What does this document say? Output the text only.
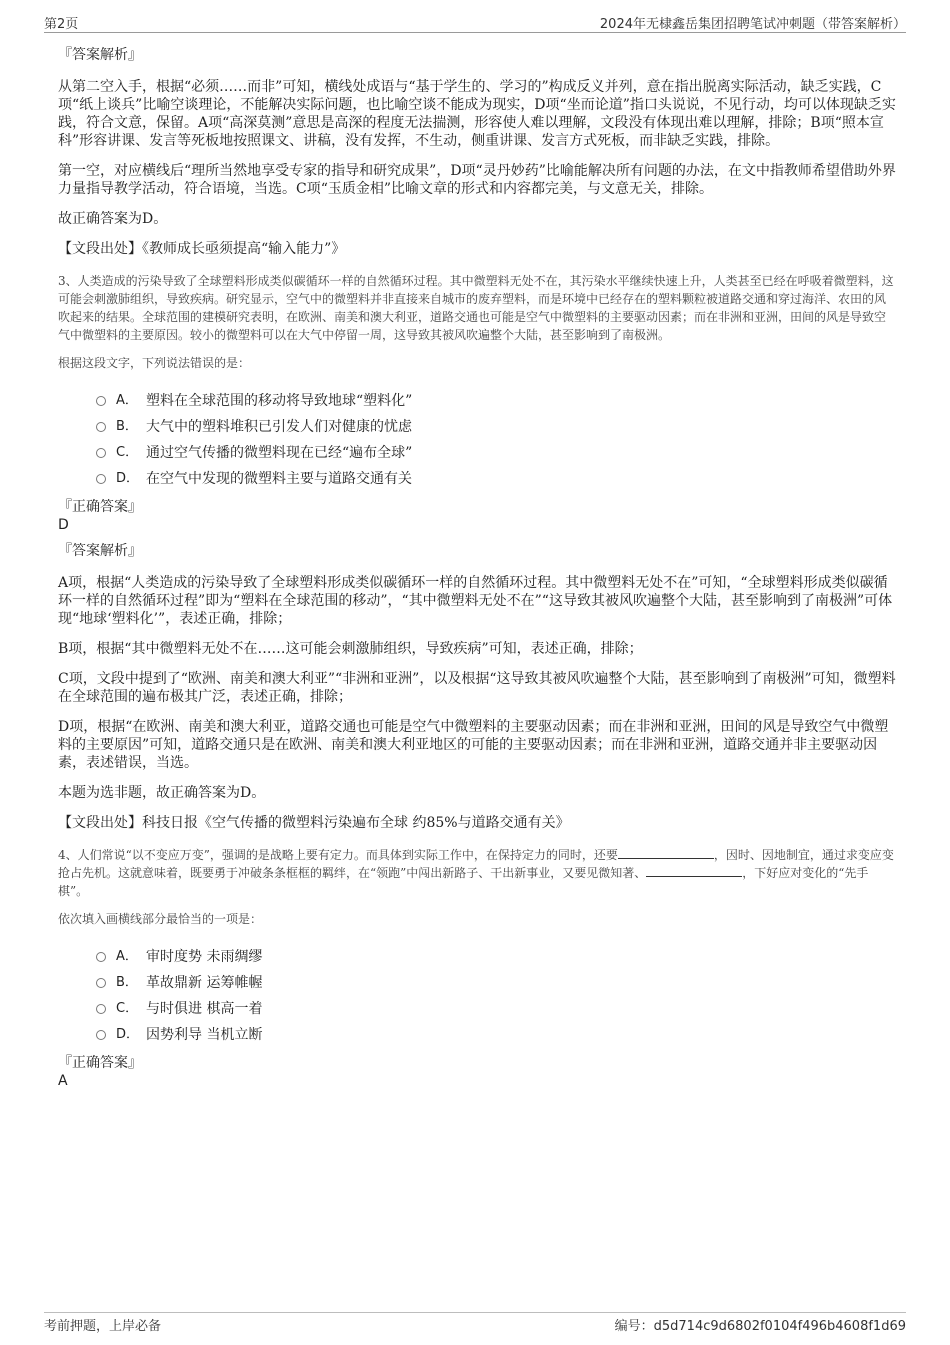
第2页	2024年无棣鑫岳集团招聘笔试冲刺题（带答案解析）

『答案解析』

从第二空入手，根据“必须……而非”可知，横线处成语与“基于学生的、学习的”构成反义并列，意在指出脱离实际活动，缺乏实践，C项“纸上谈兵”比喻空谈理论，不能解决实际问题，也比喻空谈不能成为现实，D项“坐而论道”指口头说说，不见行动，均可以体现缺乏实践，符合文意，保留。A项“高深莫测”意思是高深的程度无法揣测，形容使人难以理解，文段没有体现出难以理解，排除；B项“照本宣科”形容讲课、发言等死板地按照课文、讲稿，没有发挥，不生动，侧重讲课、发言方式死板，而非缺乏实践，排除。

第一空，对应横线后“理所当然地享受专家的指导和研究成果”，D项“灵丹妙药”比喻能解决所有问题的办法，在文中指教师希望借助外界力量指导教学活动，符合语境，当选。C项“玉质金相”比喻文章的形式和内容都完美，与文意无关，排除。

故正确答案为D。

【文段出处】《教师成长亟须提高“输入能力”》

3、人类造成的污染导致了全球塑料形成类似碳循环一样的自然循环过程。其中微塑料无处不在，其污染水平继续快速上升，人类甚至已经在呼吸着微塑料，这可能会刺激肺组织，导致疾病。研究显示，空气中的微塑料并非直接来自城市的废弃塑料，而是环境中已经存在的塑料颗粒被道路交通和穿过海洋、农田的风吹起来的结果。全球范围的建模研究表明，在欧洲、南美和澳大利亚，道路交通也可能是空气中微塑料的主要驱动因素；而在非洲和亚洲，田间的风是导致空气中微塑料的主要原因。较小的微塑料可以在大气中停留一周，这导致其被风吹遍整个大陆，甚至影响到了南极洲。

根据这段文字，下列说法错误的是：

A． 塑料在全球范围的移动将导致地球“塑料化”
B． 大气中的塑料堆积已引发人们对健康的忧虑
C． 通过空气传播的微塑料现在已经“遍布全球”
D． 在空气中发现的微塑料主要与道路交通有关

『正确答案』

D

『答案解析』

A项，根据“人类造成的污染导致了全球塑料形成类似碳循环一样的自然循环过程。其中微塑料无处不在”可知，“全球塑料形成类似碳循环一样的自然循环过程”即为“塑料在全球范围的移动”，“其中微塑料无处不在”“这导致其被风吹遍整个大陆，甚至影响到了南极洲”可体现“地球‘塑料化’”，表述正确，排除；

B项，根据“其中微塑料无处不在……这可能会刺激肺组织，导致疾病”可知，表述正确，排除；

C项，文段中提到了“欧洲、南美和澳大利亚”“非洲和亚洲”，以及根据“这导致其被风吹遍整个大陆，甚至影响到了南极洲”可知，微塑料在全球范围的遍布极其广泛，表述正确，排除；

D项，根据“在欧洲、南美和澳大利亚，道路交通也可能是空气中微塑料的主要驱动因素；而在非洲和亚洲，田间的风是导致空气中微塑料的主要原因”可知，道路交通只是在欧洲、南美和澳大利亚地区的可能的主要驱动因素；而在非洲和亚洲，道路交通并非主要驱动因素，表述错误，当选。

本题为选非题，故正确答案为D。

【文段出处】科技日报《空气传播的微塑料污染遍布全球 约85%与道路交通有关》

4、人们常说“以不变应万变”，强调的是战略上要有定力。而具体到实际工作中，在保持定力的同时，还要	，因时、因地制宜，通过求变应变抢占先机。这就意味着，既要勇于冲破条条框框的羁绊，在“领跑”中闯出新路子、干出新事业，又要见微知著、	，下好应对变化的“先手棋”。

依次填入画横线部分最恰当的一项是：

A． 审时度势 未雨绸缪
B． 革故鼎新 运筹帷幄
C． 与时俱进 棋高一着
D． 因势利导 当机立断

『正确答案』

A

考前押题，上岸必备	编号：d5d714c9d6802f0104f496b4608f1d69
